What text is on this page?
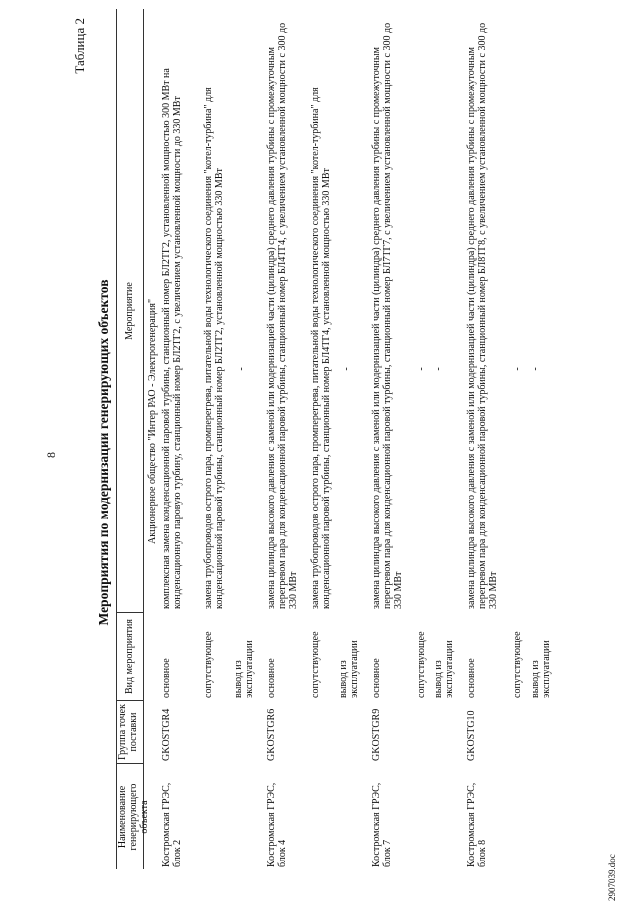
8
Таблица 2
Мероприятия по модернизации генерирующих объектов
Наименование генерирующего объекта
Группа точек поставки
Вид мероприятия
Мероприятие Акционерное общество "Интер РАО - Электрогенерация"
Костромская ГРЭС, блок 2
GKOSTGR4
основное
комплексная замена конденсационной паровой турбины, станционный номер БЛ2ТГ2, установленной мощностью 300 МВт на конденсационную паровую турбину, станционный номер БЛ2ТГ2, с увеличением установленной мощности до 330 МВт
сопутствующее
замена трубопроводов острого пара, промперегрева, питательной воды технологического соединения "котел-турбина" для конденсационной паровой турбины, станционный номер БЛ2ТГ2, установленной мощностью 330 МВт
вывод из эксплуатации
-
Костромская ГРЭС, блок 4
GKOSTGR6
основное
замена цилиндра высокого давления с заменой или модернизацией части (цилиндра) среднего давления турбины с промежуточным перегревом пара для конденсационной паровой турбины, станционный номер БЛ4ТГ4, с увеличением установленной мощности с 300 до 330 МВт
сопутствующее
замена трубопроводов острого пара, промперегрева, питательной воды технологического соединения "котел-турбина" для конденсационной паровой турбины, станционный номер БЛ4ТГ4, установленной мощностью 330 МВт
вывод из эксплуатации
-
Костромская ГРЭС, блок 7
GKOSTGR9
основное
замена цилиндра высокого давления с заменой или модернизацией части (цилиндра) среднего давления турбины с промежуточным перегревом пара для конденсационной паровой турбины, станционный номер БЛ7ТГ7, с увеличением установленной мощности с 300 до 330 МВт
сопутствующее
-
вывод из эксплуатации
-
Костромская ГРЭС, блок 8
GKOSTG10
основное
замена цилиндра высокого давления с заменой или модернизацией части (цилиндра) среднего давления турбины с промежуточным перегревом пара для конденсационной паровой турбины, станционный номер БЛ8ТГ8, с увеличением установленной мощности с 300 до 330 МВт
сопутствующее
-
вывод из эксплуатации
-
2907039.doc
